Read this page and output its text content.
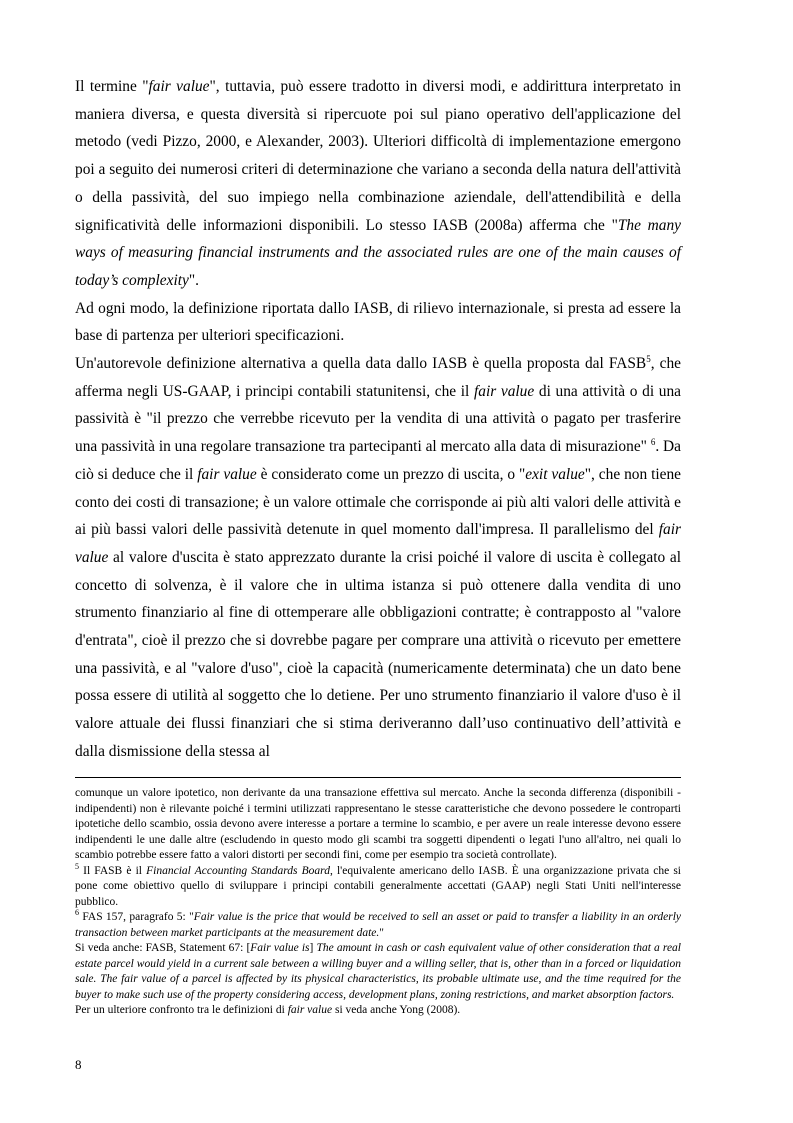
Il termine "fair value", tuttavia, può essere tradotto in diversi modi, e addirittura interpretato in maniera diversa, e questa diversità si ripercuote poi sul piano operativo dell'applicazione del metodo (vedi Pizzo, 2000, e Alexander, 2003). Ulteriori difficoltà di implementazione emergono poi a seguito dei numerosi criteri di determinazione che variano a seconda della natura dell'attività o della passività, del suo impiego nella combinazione aziendale, dell'attendibilità e della significatività delle informazioni disponibili. Lo stesso IASB (2008a) afferma che "The many ways of measuring financial instruments and the associated rules are one of the main causes of today’s complexity".

Ad ogni modo, la definizione riportata dallo IASB, di rilievo internazionale, si presta ad essere la base di partenza per ulteriori specificazioni.

Un'autorevole definizione alternativa a quella data dallo IASB è quella proposta dal FASB$^5$, che afferma negli US-GAAP, i principi contabili statunitensi, che il fair value di una attività o di una passività è "il prezzo che verrebbe ricevuto per la vendita di una attività o pagato per trasferire una passività in una regolare transazione tra partecipanti al mercato alla data di misurazione" $^6$. Da ciò si deduce che il fair value è considerato come un prezzo di uscita, o "exit value", che non tiene conto dei costi di transazione; è un valore ottimale che corrisponde ai più alti valori delle attività e ai più bassi valori delle passività detenute in quel momento dall'impresa. Il parallelismo del fair value al valore d'uscita è stato apprezzato durante la crisi poiché il valore di uscita è collegato al concetto di solvenza, è il valore che in ultima istanza si può ottenere dalla vendita di uno strumento finanziario al fine di ottemperare alle obbligazioni contratte; è contrapposto al "valore d'entrata", cioè il prezzo che si dovrebbe pagare per comprare una attività o ricevuto per emettere una passività, e al "valore d'uso", cioè la capacità (numericamente determinata) che un dato bene possa essere di utilità al soggetto che lo detiene. Per uno strumento finanziario il valore d'uso è il valore attuale dei flussi finanziari che si stima deriveranno dall’uso continuativo dell’attività e dalla dismissione della stessa al

comunque un valore ipotetico, non derivante da una transazione effettiva sul mercato. Anche la seconda differenza (disponibili - indipendenti) non è rilevante poiché i termini utilizzati rappresentano le stesse caratteristiche che devono possedere le controparti ipotetiche dello scambio, ossia devono avere interesse a portare a termine lo scambio, e per avere un reale interesse devono essere indipendenti le une dalle altre (escludendo in questo modo gli scambi tra soggetti dipendenti o legati l'uno all'altro, nei quali lo scambio potrebbe essere fatto a valori distorti per secondi fini, come per esempio tra società controllate).

$^5$ Il FASB è il Financial Accounting Standards Board, l'equivalente americano dello IASB. È una organizzazione privata che si pone come obiettivo quello di sviluppare i principi contabili generalmente accettati (GAAP) negli Stati Uniti nell'interesse pubblico.

$^6$ FAS 157, paragrafo 5: "Fair value is the price that would be received to sell an asset or paid to transfer a liability in an orderly transaction between market participants at the measurement date."

Si veda anche: FASB, Statement 67: [Fair value is] The amount in cash or cash equivalent value of other consideration that a real estate parcel would yield in a current sale between a willing buyer and a willing seller, that is, other than in a forced or liquidation sale. The fair value of a parcel is affected by its physical characteristics, its probable ultimate use, and the time required for the buyer to make such use of the property considering access, development plans, zoning restrictions, and market absorption factors.

Per un ulteriore confronto tra le definizioni di fair value si veda anche Yong (2008).

8
